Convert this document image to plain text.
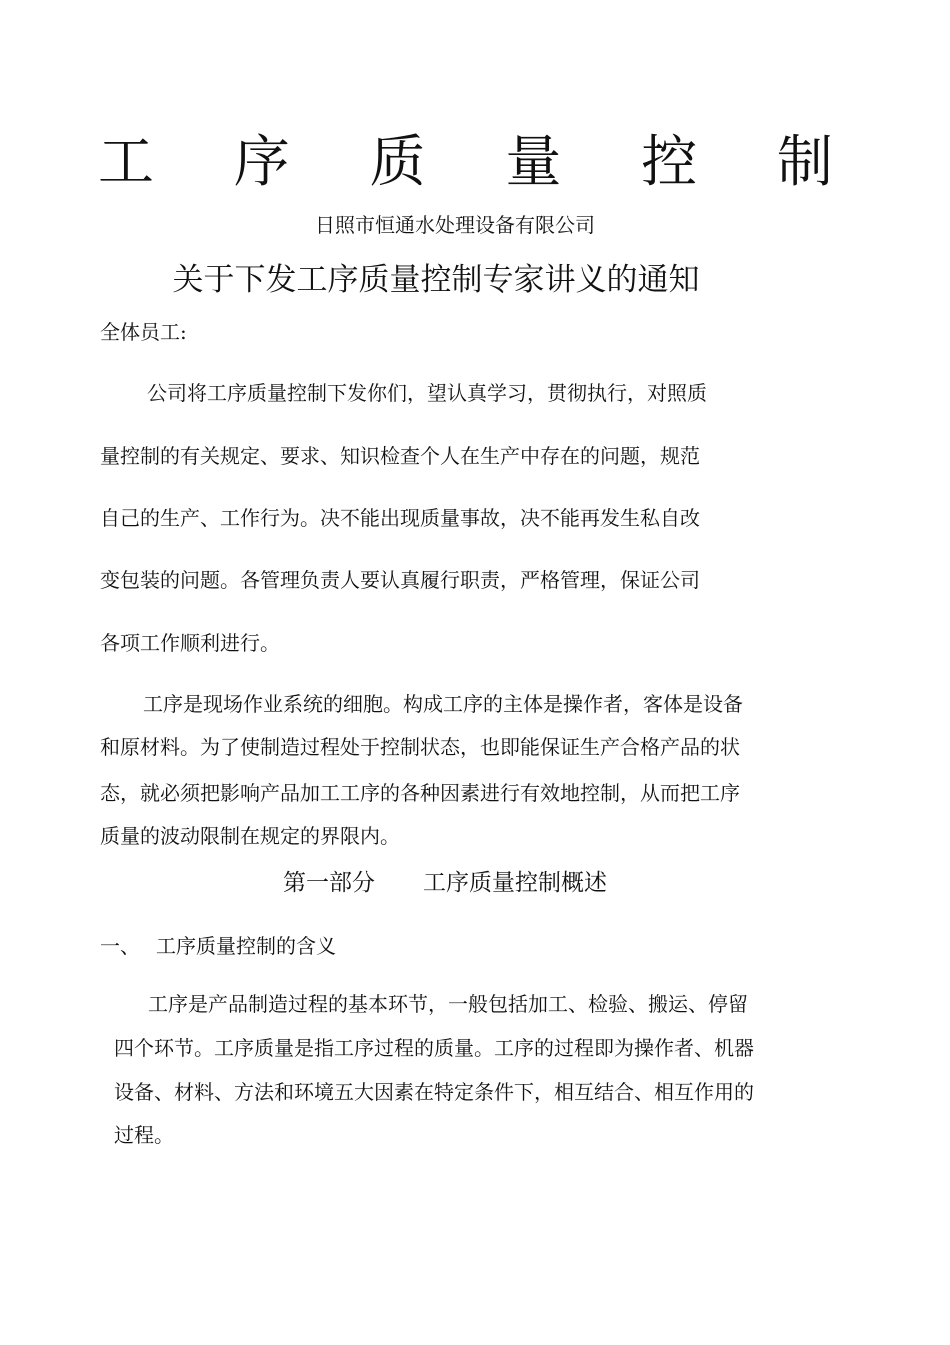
工 序 质 量 控 制
日照市恒通水处理设备有限公司
关于下发工序质量控制专家讲义的通知
全体员工:

公司将工序质量控制下发你们，望认真学习，贯彻执行，对照质

量控制的有关规定、要求、知识检查个人在生产中存在的问题，规范

自己的生产、工作行为。决不能出现质量事故，决不能再发生私自改

变包装的问题。各管理负责人要认真履行职责，严格管理，保证公司

各项工作顺利进行。

工序是现场作业系统的细胞。构成工序的主体是操作者，客体是设备

和原材料。为了使制造过程处于控制状态，也即能保证生产合格产品的状

态，就必须把影响产品加工工序的各种因素进行有效地控制，从而把工序

质量的波动限制在规定的界限内。

第一部分 工序质量控制概述
一、 工序质量控制的含义

工序是产品制造过程的基本环节，一般包括加工、检验、搬运、停留

四个环节。工序质量是指工序过程的质量。工序的过程即为操作者、机器

设备、材料、方法和环境五大因素在特定条件下，相互结合、相互作用的

过程。
